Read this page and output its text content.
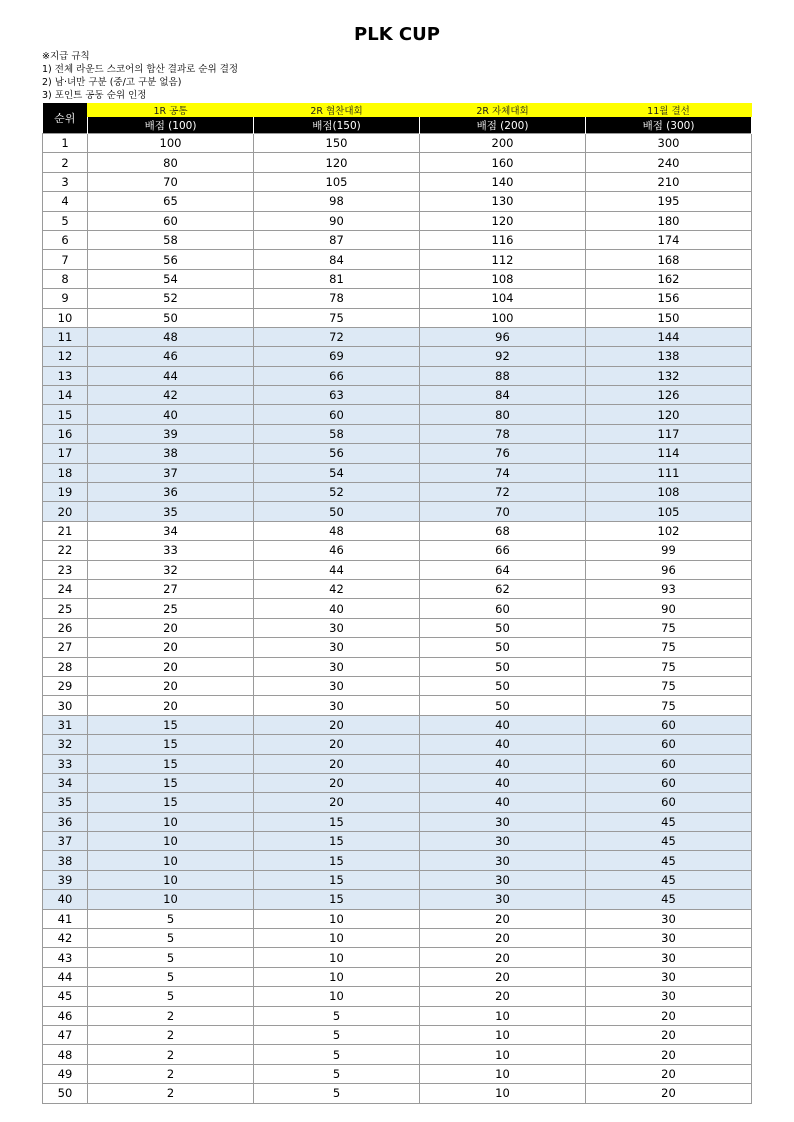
PLK CUP
※지급 규칙
1) 전체 라운드 스코어의 합산 결과로 순위 결정
2) 남·녀만 구분 (중/고 구분 없음)
3) 포인트 공동 순위 인정
순위	1R 공통	2R 협찬대회	2R 자체대회	11월 결선
	배점 (100)	배점(150)	배점 (200)	배점 (300)
1	100	150	200	300
2	80	120	160	240
3	70	105	140	210
4	65	98	130	195
5	60	90	120	180
6	58	87	116	174
7	56	84	112	168
8	54	81	108	162
9	52	78	104	156
10	50	75	100	150
11	48	72	96	144
12	46	69	92	138
13	44	66	88	132
14	42	63	84	126
15	40	60	80	120
16	39	58	78	117
17	38	56	76	114
18	37	54	74	111
19	36	52	72	108
20	35	50	70	105
21	34	48	68	102
22	33	46	66	99
23	32	44	64	96
24	27	42	62	93
25	25	40	60	90
26	20	30	50	75
27	20	30	50	75
28	20	30	50	75
29	20	30	50	75
30	20	30	50	75
31	15	20	40	60
32	15	20	40	60
33	15	20	40	60
34	15	20	40	60
35	15	20	40	60
36	10	15	30	45
37	10	15	30	45
38	10	15	30	45
39	10	15	30	45
40	10	15	30	45
41	5	10	20	30
42	5	10	20	30
43	5	10	20	30
44	5	10	20	30
45	5	10	20	30
46	2	5	10	20
47	2	5	10	20
48	2	5	10	20
49	2	5	10	20
50	2	5	10	20
